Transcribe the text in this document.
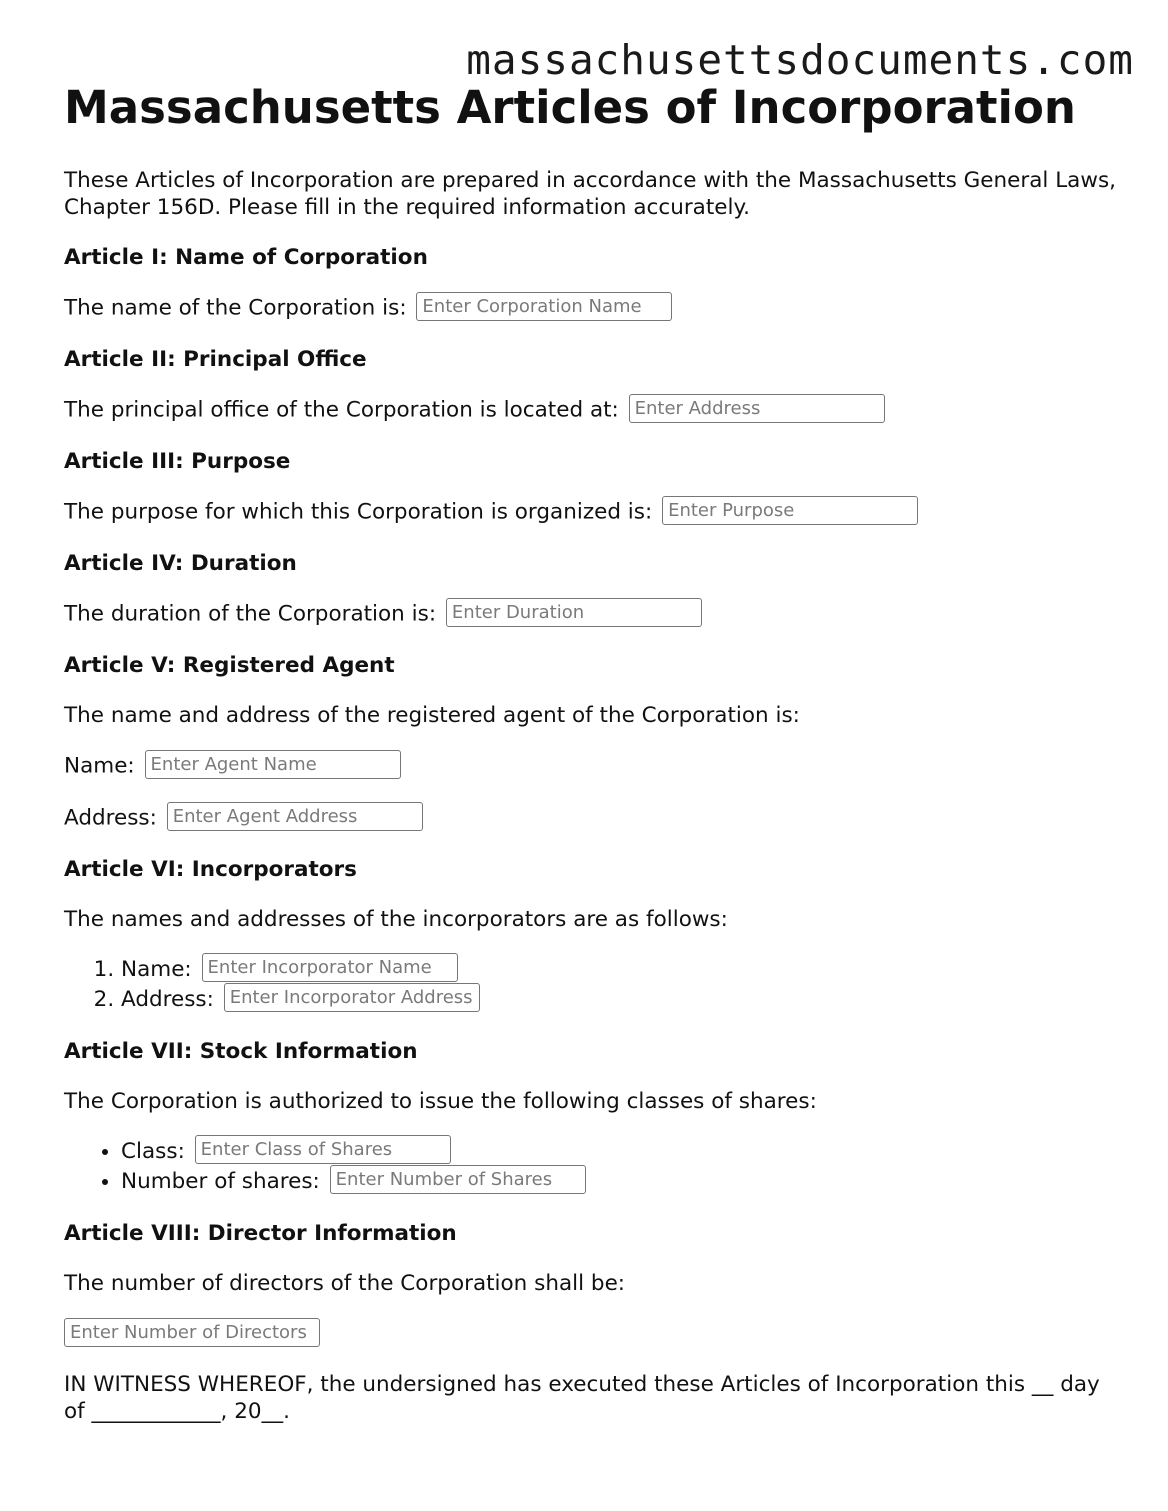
massachusettsdocuments.com
Massachusetts Articles of Incorporation

These Articles of Incorporation are prepared in accordance with the Massachusetts General Laws, Chapter 156D. Please fill in the required information accurately.

Article I: Name of Corporation
The name of the Corporation is: Enter Corporation Name
Article II: Principal Office
The principal office of the Corporation is located at: Enter Address
Article III: Purpose
The purpose for which this Corporation is organized is: Enter Purpose
Article IV: Duration
The duration of the Corporation is: Enter Duration
Article V: Registered Agent
The name and address of the registered agent of the Corporation is:
Name: Enter Agent Name
Address: Enter Agent Address
Article VI: Incorporators
The names and addresses of the incorporators are as follows:
1. Name: Enter Incorporator Name
2. Address: Enter Incorporator Address
Article VII: Stock Information
The Corporation is authorized to issue the following classes of shares:
• Class: Enter Class of Shares
• Number of shares: Enter Number of Shares
Article VIII: Director Information
The number of directors of the Corporation shall be:
Enter Number of Directors

IN WITNESS WHEREOF, the undersigned has executed these Articles of Incorporation this __ day of ____________, 20__.
